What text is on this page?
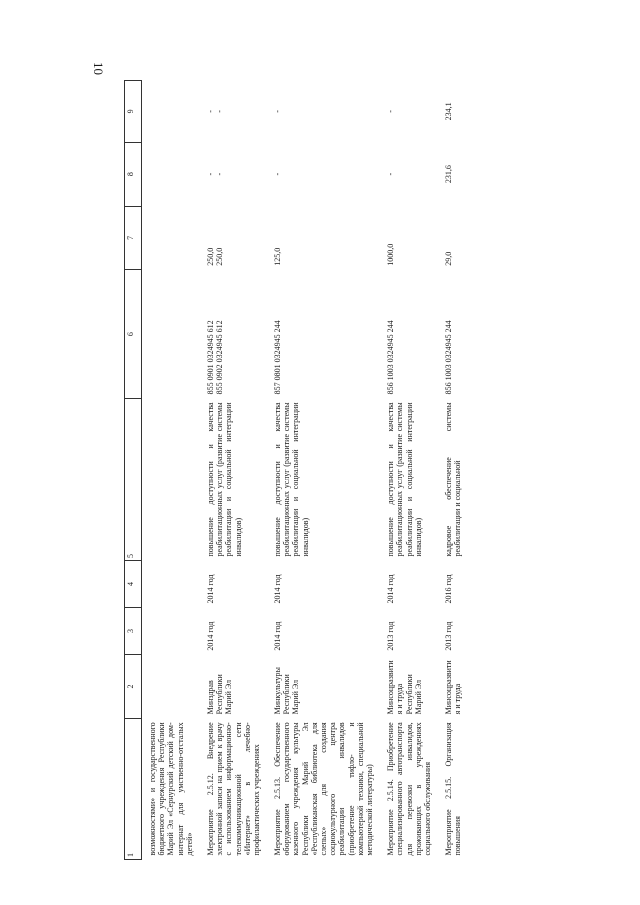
10
1	2	3	4	5	6	7	8	9
возможностями» и государственного бюджетного учреждения Республики Марий Эл «Сернурский детский дом-интернат для умственно-отсталых детей»								
Мероприятие 2.5.12. Внедрение электронной записи на прием к врачу с использованием информационно-телекоммуникационной сети «Интернет» в лечебно-профилактических учреждениях	Минздрав Республики Марий Эл	2014 год	2014 год	повышение доступности и качества реабилитационных услуг (развитие системы реабилитации и социальной интеграции инвалидов)	855 0901 0324945 612 855 0902 0324945 612	250,0 250,0	- -	- -

Мероприятие 2.5.13. Обеспечение оборудованием государственного казенного учреждения культуры Республики Марий Эл «Республиканская библиотека для слепых» для создания социокультурного центра реабилитации инвалидов (приобретение тифло- и компьютерной техники, специальной методической литературы)	Минкультуры Республики Марий Эл	2014 год	2014 год	повышение доступности и качества реабилитационных услуг (развитие системы реабилитации и социальной интеграции инвалидов)	857 0801 0324945 244	125,0	-	-

Мероприятие 2.5.14. Приобретение специализированного автотранспорта для перевозки инвалидов, проживающих в учреждениях социального обслуживания	Минсоцразвития и труда Республики Марий Эл	2013 год	2014 год	повышение доступности и качества реабилитационных услуг (развитие системы реабилитации и социальной интеграции инвалидов)	856 1003 0324945 244	1000,0	-	-

Мероприятие 2.5.15. Организация повышения	Минсоцразвития и труда	2013 год	2016 год	кадровое обеспечение системы реабилитации и социальной	856 1003 0324945 244	29,0	231,6	234,1
